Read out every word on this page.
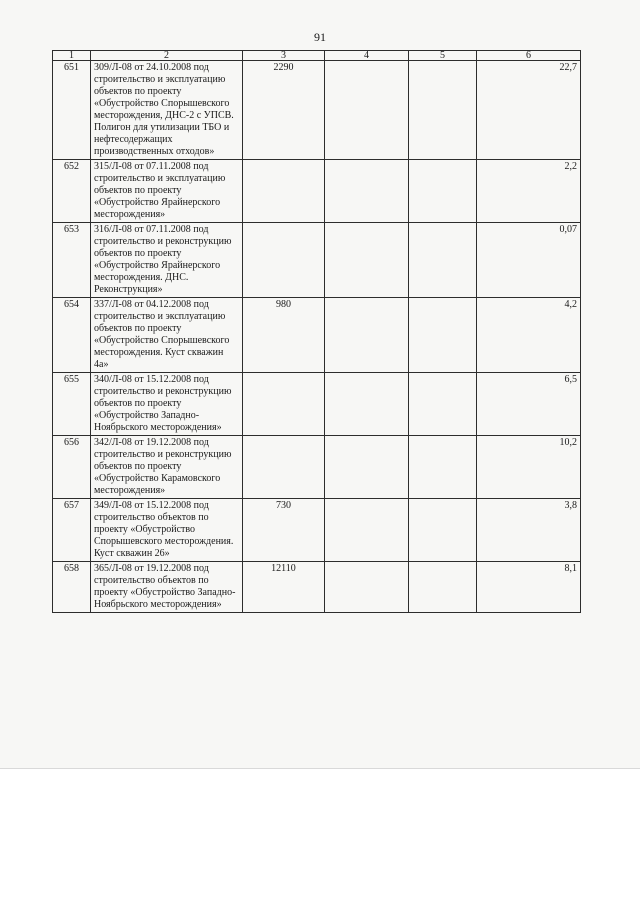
91
1	2	3	4	5	6
651	309/Л-08 от 24.10.2008 под строительство и эксплуатацию объектов по проекту «Обустройство Спорышевского месторождения, ДНС-2 с УПСВ. Полигон для утилизации ТБО и нефтесодержащих производственных отходов»	2290			22,7
652	315/Л-08 от 07.11.2008 под строительство и эксплуатацию объектов по проекту «Обустройство Ярайнерского месторождения»				2,2
653	316/Л-08 от 07.11.2008 под строительство и реконструкцию объектов по проекту «Обустройство Ярайнерского месторождения. ДНС. Реконструкция»				0,07
654	337/Л-08 от 04.12.2008 под строительство и эксплуатацию объектов по проекту «Обустройство Спорышевского месторождения. Куст скважин 4а»	980			4,2
655	340/Л-08 от 15.12.2008 под строительство и реконструкцию объектов по проекту «Обустройство Западно-Ноябрьского месторождения»				6,5
656	342/Л-08 от 19.12.2008 под строительство и реконструкцию объектов по проекту «Обустройство Карамовского месторождения»				10,2
657	349/Л-08 от 15.12.2008 под строительство объектов по проекту «Обустройство Спорышевского месторождения. Куст скважин 26»	730			3,8
658	365/Л-08 от 19.12.2008 под строительство объектов по проекту «Обустройство Западно-Ноябрьского месторождения»	12110			8,1
